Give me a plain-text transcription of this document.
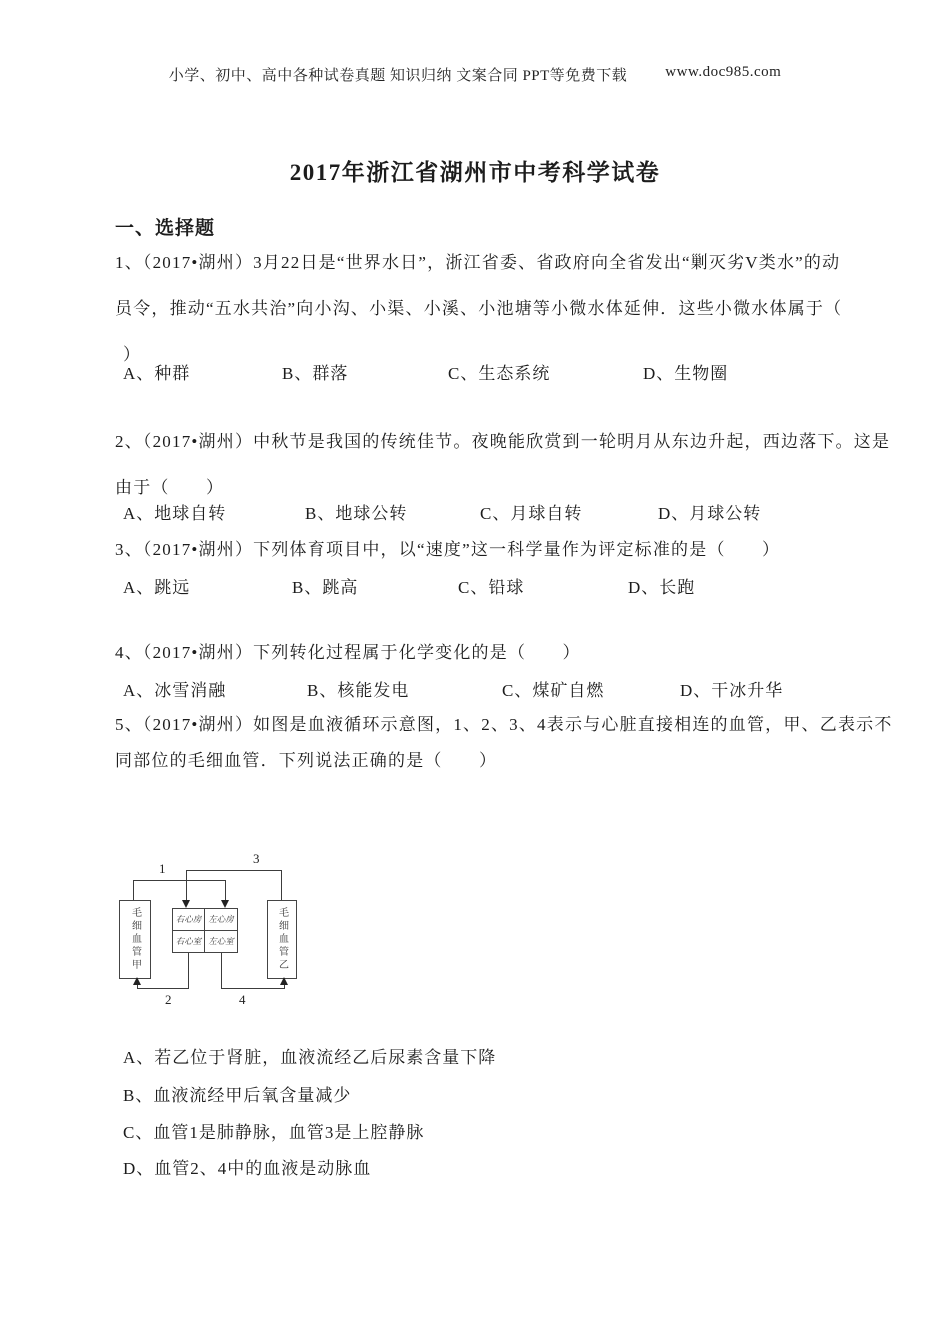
小学、初中、高中各种试卷真题 知识归纳 文案合同 PPT等免费下载	www.doc985.com
2017年浙江省湖州市中考科学试卷
一、选择题
1、（2017•湖州）3月22日是“世界水日”，浙江省委、省政府向全省发出“剿灭劣V类水”的动
员令，推动“五水共治”向小沟、小渠、小溪、小池塘等小微水体延伸．这些小微水体属于（
）
A、种群	B、群落	C、生态系统	D、生物圈
2、（2017•湖州）中秋节是我国的传统佳节。夜晚能欣赏到一轮明月从东边升起，西边落下。这是
由于（　　）
A、地球自转	B、地球公转	C、月球自转	D、月球公转
3、（2017•湖州）下列体育项目中，以“速度”这一科学量作为评定标准的是（　　）
A、跳远	B、跳高	C、铅球	D、长跑
4、（2017•湖州）下列转化过程属于化学变化的是（　　）
A、冰雪消融	B、核能发电	C、煤矿自燃	D、干冰升华
5、（2017•湖州）如图是血液循环示意图，1、2、3、4表示与心脏直接相连的血管，甲、乙表示不
同部位的毛细血管．下列说法正确的是（　　）
毛细血管甲	毛细血管乙
右心房 左心房
右心室 左心室
1
3
2	4
A、若乙位于肾脏，血液流经乙后尿素含量下降
B、血液流经甲后氧含量减少
C、血管1是肺静脉，血管3是上腔静脉
D、血管2、4中的血液是动脉血
